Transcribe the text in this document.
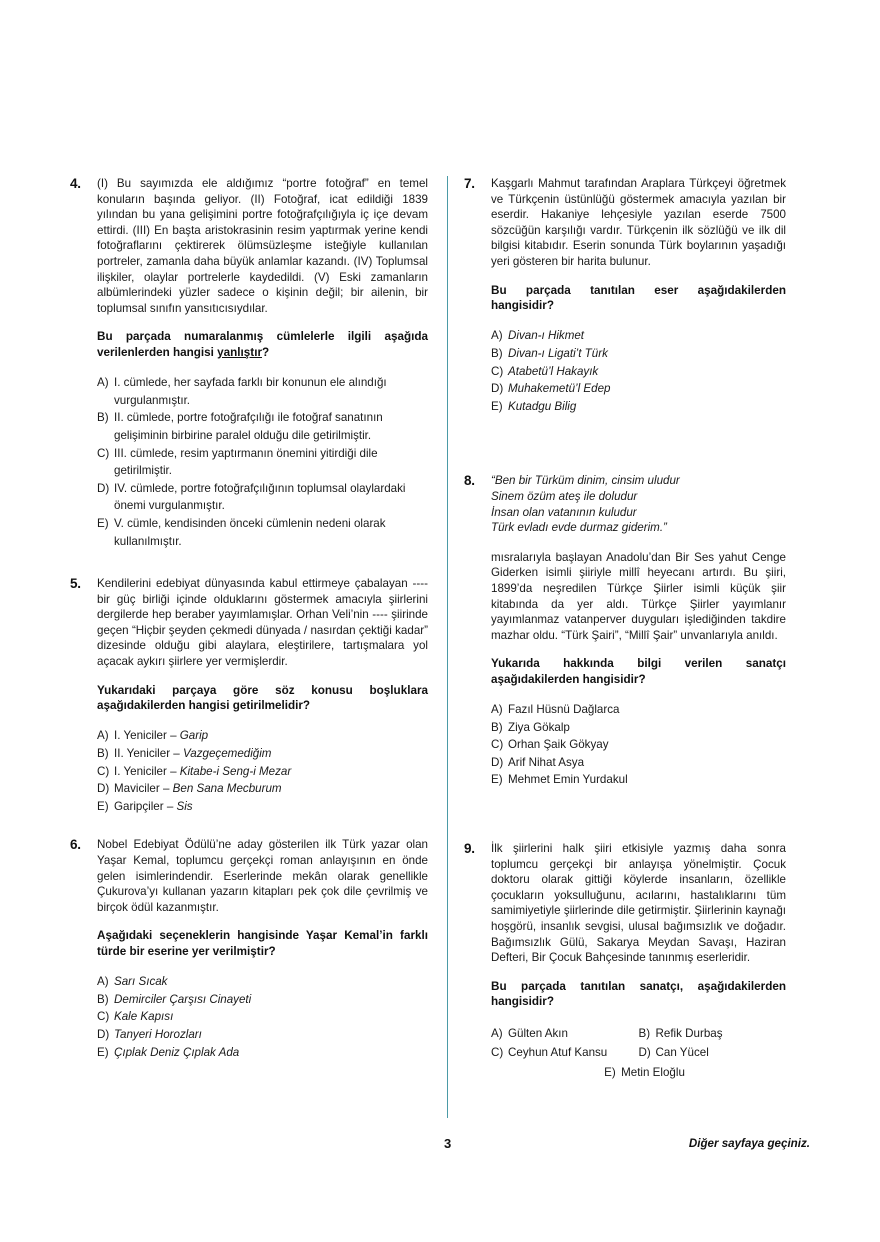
4.	(I) Bu sayımızda ele aldığımız “portre fotoğraf” en temel konuların başında geliyor. (II) Fotoğraf, icat edildiği 1839 yılından bu yana gelişimini portre fotoğrafçılığıyla iç içe devam ettirdi. (III) En başta aristokrasinin resim yaptırmak yerine kendi fotoğraflarını çektirerek ölümsüzleşme isteğiyle kullanılan portreler, zamanla daha büyük anlamlar kazandı. (IV) Toplumsal ilişkiler, olaylar portrelerle kaydedildi. (V) Eski zamanların albümlerindeki yüzler sadece o kişinin değil; bir ailenin, bir toplumsal sınıfın yansıtıcısıydılar.
Bu parçada numaralanmış cümlelerle ilgili aşağıda verilenlerden hangisi yanlıştır?
A) I. cümlede, her sayfada farklı bir konunun ele alındığı vurgulanmıştır.
B) II. cümlede, portre fotoğrafçılığı ile fotoğraf sanatının gelişiminin birbirine paralel olduğu dile getirilmiştir.
C) III. cümlede, resim yaptırmanın önemini yitirdiği dile getirilmiştir.
D) IV. cümlede, portre fotoğrafçılığının toplumsal olaylardaki önemi vurgulanmıştır.
E) V. cümle, kendisinden önceki cümlenin nedeni olarak kullanılmıştır.
5.	Kendilerini edebiyat dünyasında kabul ettirmeye çabalayan ---- bir güç birliği içinde olduklarını göstermek amacıyla şiirlerini dergilerde hep beraber yayımlamışlar. Orhan Veli’nin ---- şiirinde geçen “Hiçbir şeyden çekmedi dünyada / nasırdan çektiği kadar” dizesinde olduğu gibi alaylara, eleştirilere, tartışmalara yol açacak aykırı şiirlere yer vermişlerdir.
Yukarıdaki parçaya göre söz konusu boşluklara aşağıdakilerden hangisi getirilmelidir?
A) I. Yeniciler – Garip
B) II. Yeniciler – Vazgeçemediğim
C) I. Yeniciler – Kitabe-i Seng-i Mezar
D) Maviciler – Ben Sana Mecburum
E) Garipçiler – Sis
6.	Nobel Edebiyat Ödülü’ne aday gösterilen ilk Türk yazar olan Yaşar Kemal, toplumcu gerçekçi roman anlayışının en önde gelen isimlerindendir. Eserlerinde mekân olarak genellikle Çukurova’yı kullanan yazarın kitapları pek çok dile çevrilmiş ve birçok ödül kazanmıştır.
Aşağıdaki seçeneklerin hangisinde Yaşar Kemal’in farklı türde bir eserine yer verilmiştir?
A) Sarı Sıcak
B) Demirciler Çarşısı Cinayeti
C) Kale Kapısı
D) Tanyeri Horozları
E) Çıplak Deniz Çıplak Ada
7.	Kaşgarlı Mahmut tarafından Araplara Türkçeyi öğretmek ve Türkçenin üstünlüğü göstermek amacıyla yazılan bir eserdir. Hakaniye lehçesiyle yazılan eserde 7500 sözcüğün karşılığı vardır. Türkçenin ilk sözlüğü ve ilk dil bilgisi kitabıdır. Eserin sonunda Türk boylarının yaşadığı yeri gösteren bir harita bulunur.
Bu parçada tanıtılan eser aşağıdakilerden hangisidir?
A) Divan-ı Hikmet
B) Divan-ı Ligati’t Türk
C) Atabetü’l Hakayık
D) Muhakemetü’l Edep
E) Kutadgu Bilig
8.	“Ben bir Türküm dinim, cinsim uludur
Sinem özüm ateş ile doludur
İnsan olan vatanının kuludur
Türk evladı evde durmaz giderim.”
mısralarıyla başlayan Anadolu’dan Bir Ses yahut Cenge Giderken isimli şiiriyle millî heyecanı artırdı. Bu şiiri, 1899’da neşredilen Türkçe Şiirler isimli küçük şiir kitabında da yer aldı. Türkçe Şiirler yayımlanır yayımlanmaz vatanperver duyguları işlediğinden takdire mazhar oldu. “Türk Şairi”, “Millî Şair” unvanlarıyla anıldı.
Yukarıda hakkında bilgi verilen sanatçı aşağıdakilerden hangisidir?
A) Fazıl Hüsnü Dağlarca
B) Ziya Gökalp
C) Orhan Şaik Gökyay
D) Arif Nihat Asya
E) Mehmet Emin Yurdakul
9.	İlk şiirlerini halk şiiri etkisiyle yazmış daha sonra toplumcu gerçekçi bir anlayışa yönelmiştir. Çocuk doktoru olarak gittiği köylerde insanların, özellikle çocukların yoksulluğunu, acılarını, hastalıklarını tüm samimiyetiyle şiirlerinde dile getirmiştir. Şiirlerinin kaynağı hoşgörü, insanlık sevgisi, ulusal bağımsızlık ve doğadır. Bağımsızlık Gülü, Sakarya Meydan Savaşı, Haziran Defteri, Bir Çocuk Bahçesinde tanınmış eserleridir.
Bu parçada tanıtılan sanatçı, aşağıdakilerden hangisidir?
A) Gülten Akın	B) Refik Durbaş
C) Ceyhun Atuf Kansu	D) Can Yücel
E) Metin Eloğlu
3	Diğer sayfaya geçiniz.
